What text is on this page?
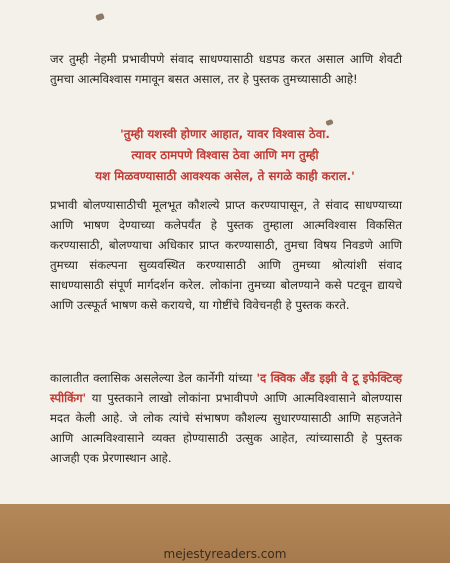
जर तुम्ही नेहमी प्रभावीपणे संवाद साधण्यासाठी धडपड करत असाल आणि शेवटी तुमचा आत्मविश्वास गमावून बसत असाल, तर हे पुस्तक तुमच्यासाठी आहे!

'तुम्ही यशस्वी होणार आहात, यावर विश्वास ठेवा.
त्यावर ठामपणे विश्वास ठेवा आणि मग तुम्ही
यश मिळवण्यासाठी आवश्यक असेल, ते सगळे काही कराल.'

प्रभावी बोलण्यासाठीची मूलभूत कौशल्ये प्राप्त करण्यापासून, ते संवाद साधण्याच्या आणि भाषण देण्याच्या कलेपर्यंत हे पुस्तक तुम्हाला आत्मविश्वास विकसित करण्यासाठी, बोलण्याचा अधिकार प्राप्त करण्यासाठी, तुमचा विषय निवडणे आणि तुमच्या संकल्पना सुव्यवस्थित करण्यासाठी आणि तुमच्या श्रोत्यांशी संवाद साधण्यासाठी संपूर्ण मार्गदर्शन करेल. लोकांना तुमच्या बोलण्याने कसे पटवून द्यायचे आणि उत्स्फूर्त भाषण कसे करायचे, या गोष्टींचे विवेचनही हे पुस्तक करते.

कालातीत क्लासिक असलेल्या डेल कार्नेगी यांच्या 'द क्विक अँड इझी वे टू इफेक्टिव्ह स्पीकिंग' या पुस्तकाने लाखो लोकांना प्रभावीपणे आणि आत्मविश्वासाने बोलण्यास मदत केली आहे. जे लोक त्यांचे संभाषण कौशल्य सुधारण्यासाठी आणि सहजतेने आणि आत्मविश्वासाने व्यक्त होण्यासाठी उत्सुक आहेत, त्यांच्यासाठी हे पुस्तक आजही एक प्रेरणास्थान आहे.

mejestyreaders.com
